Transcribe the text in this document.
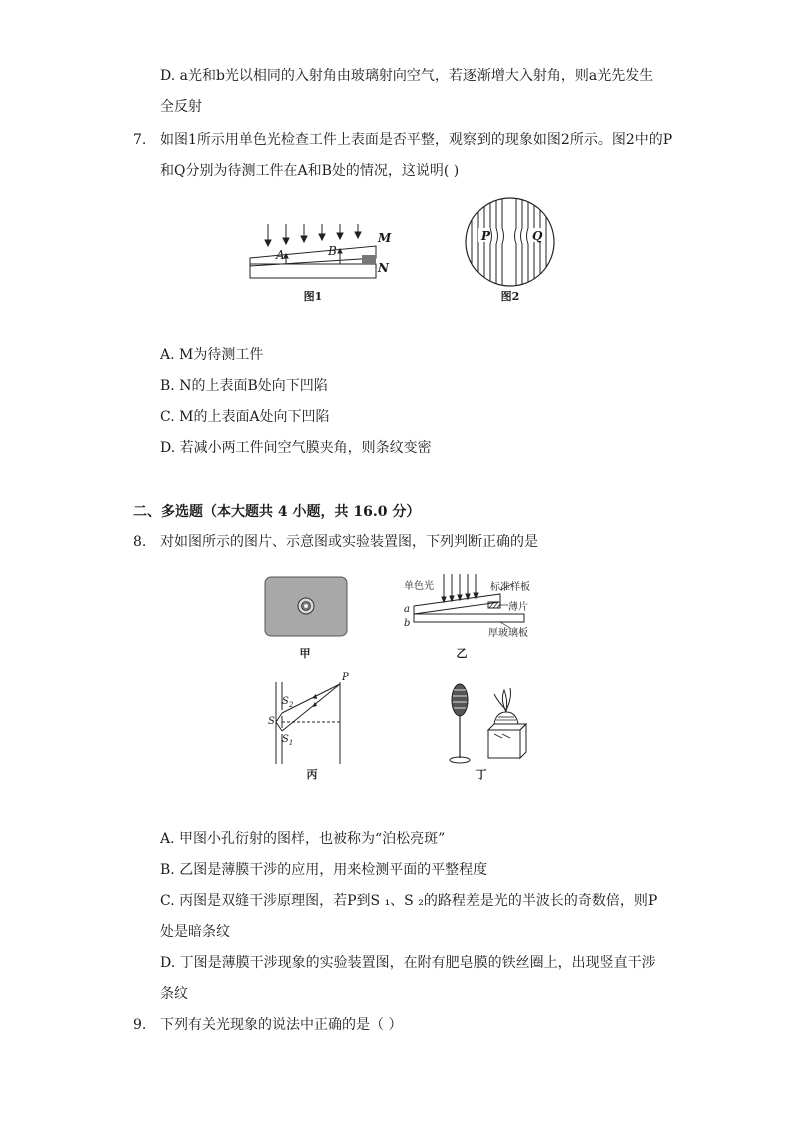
D. a光和b光以相同的入射角由玻璃射向空气，若逐渐增大入射角，则a光先发生
全反射
7. 如图1所示用单色光检查工件上表面是否平整，观察到的现象如图2所示。图2中的P
和Q分别为待测工件在A和B处的情况，这说明( )
A	B
M
N
图1
P	Q
图2
A. M为待测工件
B. N的上表面B处向下凹陷
C. M的上表面A处向下凹陷
D. 若减小两工件间空气膜夹角，则条纹变密
二、多选题（本大题共 4 小题，共 16.0 分）
8. 对如图所示的图片、示意图或实验装置图，下列判断正确的是
甲
单色光	标准样板
薄片
厚玻璃板
a
b
乙
S
$S_2$
$S_1$
P
丙	丁
A. 甲图小孔衍射的图样，也被称为“泊松亮斑”
B. 乙图是薄膜干涉的应用，用来检测平面的平整程度
C. 丙图是双缝干涉原理图，若P到S ₁、S ₂的路程差是光的半波长的奇数倍，则P
处是暗条纹
D. 丁图是薄膜干涉现象的实验装置图，在附有肥皂膜的铁丝圈上，出现竖直干涉
条纹
9. 下列有关光现象的说法中正确的是（ ）
